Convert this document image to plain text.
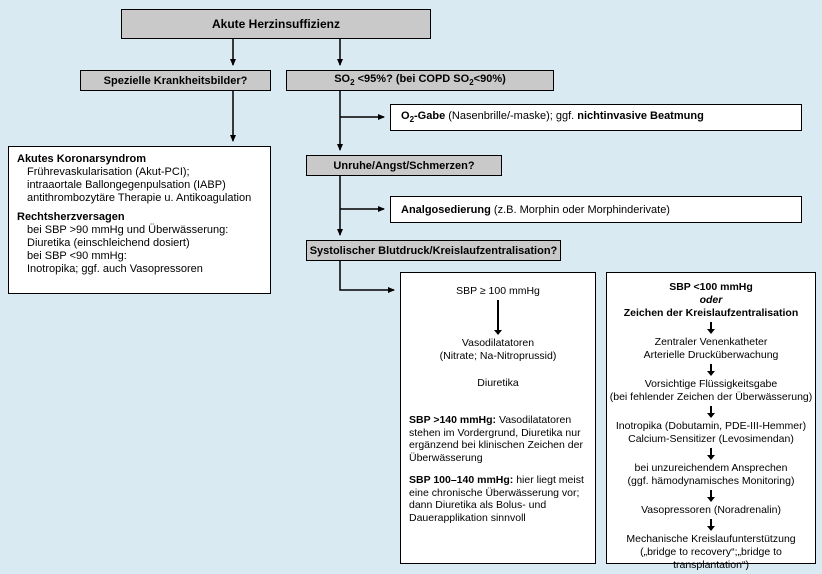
Akute Herzinsuffizienz
Spezielle Krankheitsbilder?	$SO_2 <95\%$? (bei COPD $SO_2<90\%$)
$O_2$-Gabe (Nasenbrille/-maske); ggf. nichtinvasive Beatmung
Akutes Koronarsyndrom
Frührevaskularisation (Akut-PCI);
intraaortale Ballongegenpulsation (IABP)
antithrombozytäre Therapie u. Antikoagulation
Rechtsherzversagen
bei SBP >90 mmHg und Überwässerung:
Diuretika (einschleichend dosiert)
bei SBP <90 mmHg:
Inotropika; ggf. auch Vasopressoren
Unruhe/Angst/Schmerzen?
Analgosedierung (z.B. Morphin oder Morphinderivate)
Systolischer Blutdruck/Kreislaufzentralisation?
SBP ≥ 100 mmHg
Vasodilatatoren
(Nitrate; Na-Nitroprussid)
Diuretika

SBP >140 mmHg: Vasodilatatoren stehen im Vordergrund, Diuretika nur ergänzend bei klinischen Zeichen der Überwässerung

SBP 100–140 mmHg: hier liegt meist eine chronische Überwässerung vor; dann Diuretika als Bolus- und Dauerapplikation sinnvoll

SBP <100 mmHg
oder
Zeichen der Kreislaufzentralisation
Zentraler Venenkatheter
Arterielle Drucküberwachung
Vorsichtige Flüssigkeitsgabe
(bei fehlender Zeichen der Überwässerung)
Inotropika (Dobutamin, PDE-III-Hemmer)
Calcium-Sensitizer (Levosimendan)
bei unzureichendem Ansprechen
(ggf. hämodynamisches Monitoring)
Vasopressoren (Noradrenalin)
Mechanische Kreislaufunterstützung
(„bridge to recovery“;„bridge to transplantation“)
